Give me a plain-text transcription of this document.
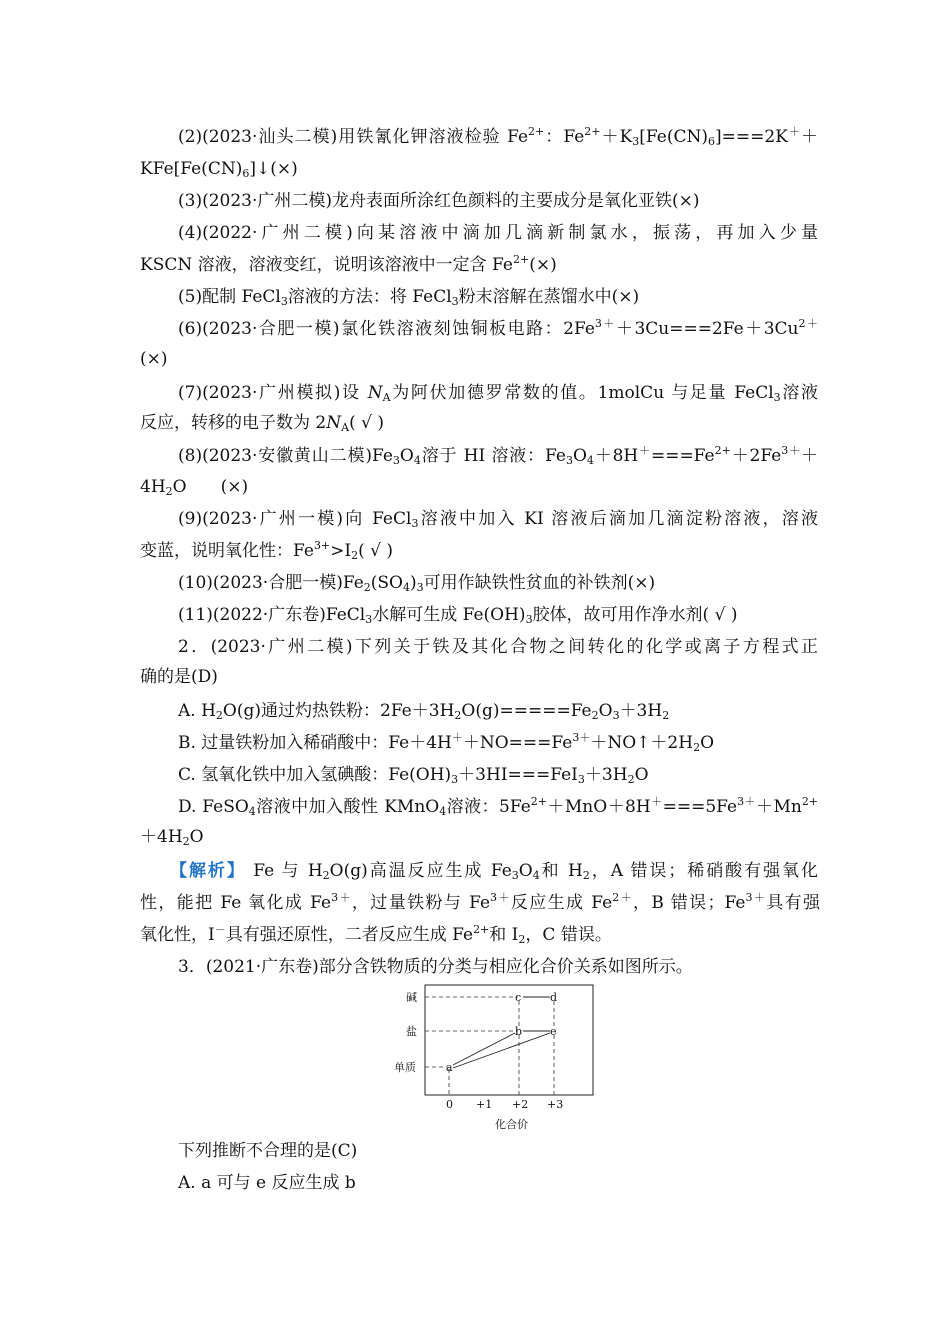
(2)(2023·汕头二模)用铁氰化钾溶液检验 $Fe^{2+}$：$Fe^{2+}+K_3[Fe(CN)_6]===2K^++$
$KFe[Fe(CN)_6]↓(\times)$
(3)(2023·广州二模)龙舟表面所涂红色颜料的主要成分是氧化亚铁(×)
(4)(2022·广州二模)向某溶液中滴加几滴新制氯水，振荡，再加入少量
KSCN 溶液，溶液变红，说明该溶液中一定含 $Fe^{2+}(\times)$
(5)配制 FeCl$_3$溶液的方法：将 FeCl$_3$粉末溶解在蒸馏水中(×)
(6)(2023·合肥一模)氯化铁溶液刻蚀铜板电路：$2Fe^{3+}+3Cu===2Fe+3Cu^{2+}$
(×)
(7)(2023·广州模拟)设 $N_A$为阿伏加德罗常数的值。1molCu 与足量 FeCl$_3$溶液
反应，转移的电子数为 $2N_A$( √ )
(8)(2023·安徽黄山二模)$Fe_3O_4$溶于 HI 溶液：$Fe_3O_4+8H^+===Fe^{2+}+2Fe^{3+}+$
$4H_2O$　　(×)
(9)(2023·广州一模)向 FeCl$_3$溶液中加入 KI 溶液后滴加几滴淀粉溶液，溶液
变蓝，说明氧化性：$Fe^{3+}>I_2$( √ )
(10)(2023·合肥一模)$Fe_2(SO_4)_3$可用作缺铁性贫血的补铁剂(×)
(11)(2022·广东卷)FeCl$_3$水解可生成 $Fe(OH)_3$胶体，故可用作净水剂( √ )
2．(2023·广州二模)下列关于铁及其化合物之间转化的化学或离子方程式正
确的是(D)
A. $H_2O(g)$通过灼热铁粉：$2Fe+3H_2O(g)=====Fe_2O_3+3H_2$
B. 过量铁粉加入稀硝酸中：$Fe+4H^++NO===Fe^{3+}+NO↑+2H_2O$
C. 氢氧化铁中加入氢碘酸：$Fe(OH)_3+3HI===FeI_3+3H_2O$
D. FeSO$_4$溶液中加入酸性 KMnO$_4$溶液：$5Fe^{2+}+MnO+8H^+===5Fe^{3+}+Mn^{2+}$
$+4H_2O$
【解析】 Fe 与 $H_2O(g)$高温反应生成 $Fe_3O_4$和 $H_2$，A 错误；稀硝酸有强氧化
性，能把 Fe 氧化成 $Fe^{3+}$，过量铁粉与 $Fe^{3+}$反应生成 $Fe^{2+}$，B 错误；$Fe^{3+}$具有强
氧化性，I－具有强还原性，二者反应生成 $Fe^{2+}$和 $I_2$，C 错误。
3．(2021·广东卷)部分含铁物质的分类与相应化合价关系如图所示。
碱
盐
单质
0 +1 +2 +3
化合价
a
b
c	d
e
下列推断不合理的是(C)
A. a 可与 e 反应生成 b
